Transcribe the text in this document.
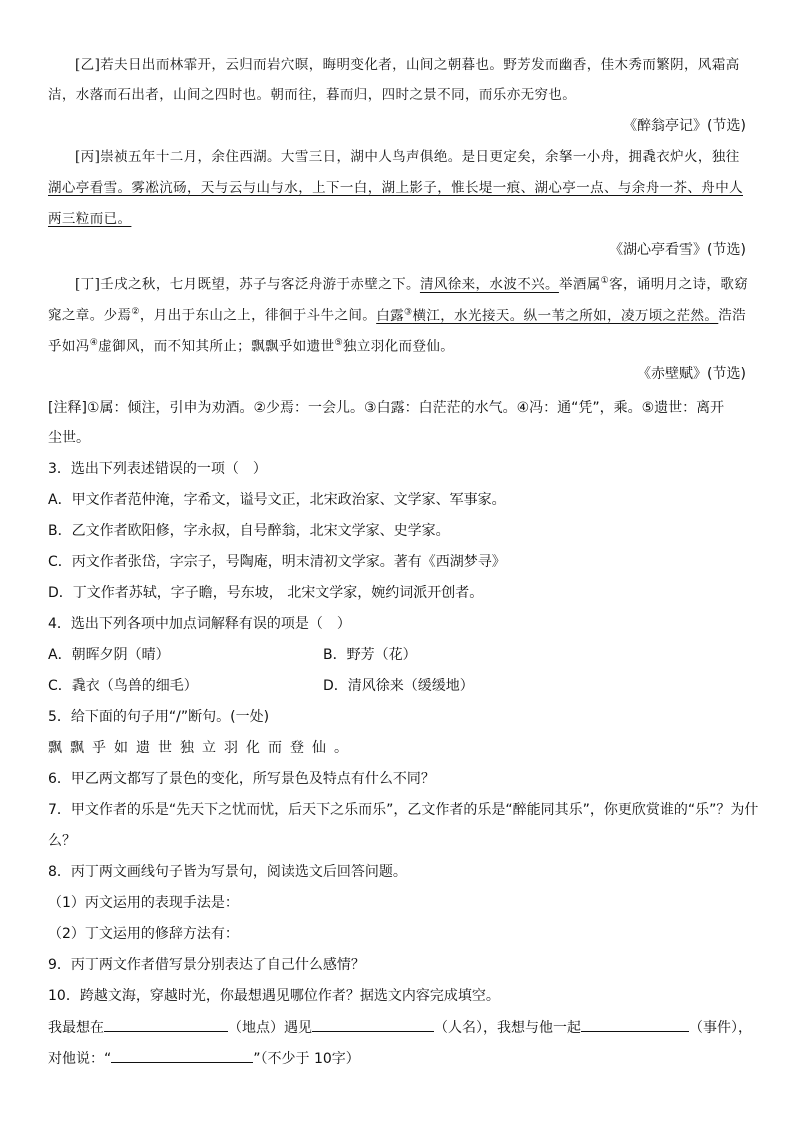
[乙]若夫日出而林霏开，云归而岩穴暝，晦明变化者，山间之朝暮也。野芳发而幽香，佳木秀而繁阴，风霜高
洁，水落而石出者，山间之四时也。朝而往，暮而归，四时之景不同，而乐亦无穷也。
《醉翁亭记》(节选)
[丙]崇祯五年十二月，余住西湖。大雪三日，湖中人鸟声俱绝。是日更定矣，余拏一小舟，拥毳衣炉火，独往
湖心亭看雪。雾凇沆砀，天与云与山与水，上下一白，湖上影子，惟长堤一痕、湖心亭一点、与余舟一芥、舟中人
两三粒而已。
《湖心亭看雪》(节选)
[丁]壬戌之秋，七月既望，苏子与客泛舟游于赤壁之下。清风徐来，水波不兴。举酒属①客，诵明月之诗，歌窈
窕之章。少焉②，月出于东山之上，徘徊于斗牛之间。白露③横江，水光接天。纵一苇之所如，凌万顷之茫然。浩浩
乎如冯④虚御风，而不知其所止；飘飘乎如遗世⑤独立羽化而登仙。
《赤壁赋》(节选)
[注释]①属：倾注，引申为劝酒。②少焉：一会儿。③白露：白茫茫的水气。④冯：通“凭”，乘。⑤遗世：离开
尘世。
3．选出下列表述错误的一项（　）
A．甲文作者范仲淹，字希文，谥号文正，北宋政治家、文学家、军事家。
B．乙文作者欧阳修，字永叔，自号醉翁，北宋文学家、史学家。
C．丙文作者张岱，字宗子，号陶庵，明末清初文学家。著有《西湖梦寻》
D．丁文作者苏轼，字子瞻，号东坡， 北宋文学家，婉约词派开创者。
4．选出下列各项中加点词解释有误的项是（　）
A．朝晖夕阴（晴）	B．野芳（花）
C．毳衣（鸟兽的细毛）	D．清风徐来（缓缓地）
5．给下面的句子用“/”断句。(一处)
飘飘乎如遗世独立羽化而登仙。
6．甲乙两文都写了景色的变化，所写景色及特点有什么不同？
7．甲文作者的乐是“先天下之忧而忧，后天下之乐而乐”，乙文作者的乐是“醉能同其乐”，你更欣赏谁的“乐”？为什
么？
8．丙丁两文画线句子皆为写景句，阅读选文后回答问题。
（1）丙文运用的表现手法是：
（2）丁文运用的修辞方法有：
9．丙丁两文作者借写景分别表达了自己什么感情？
10．跨越文海，穿越时光，你最想遇见哪位作者？据选文内容完成填空。
我最想在	（地点）遇见	（人名），我想与他一起	（事件），
对他说：“	”（不少于 10字）
